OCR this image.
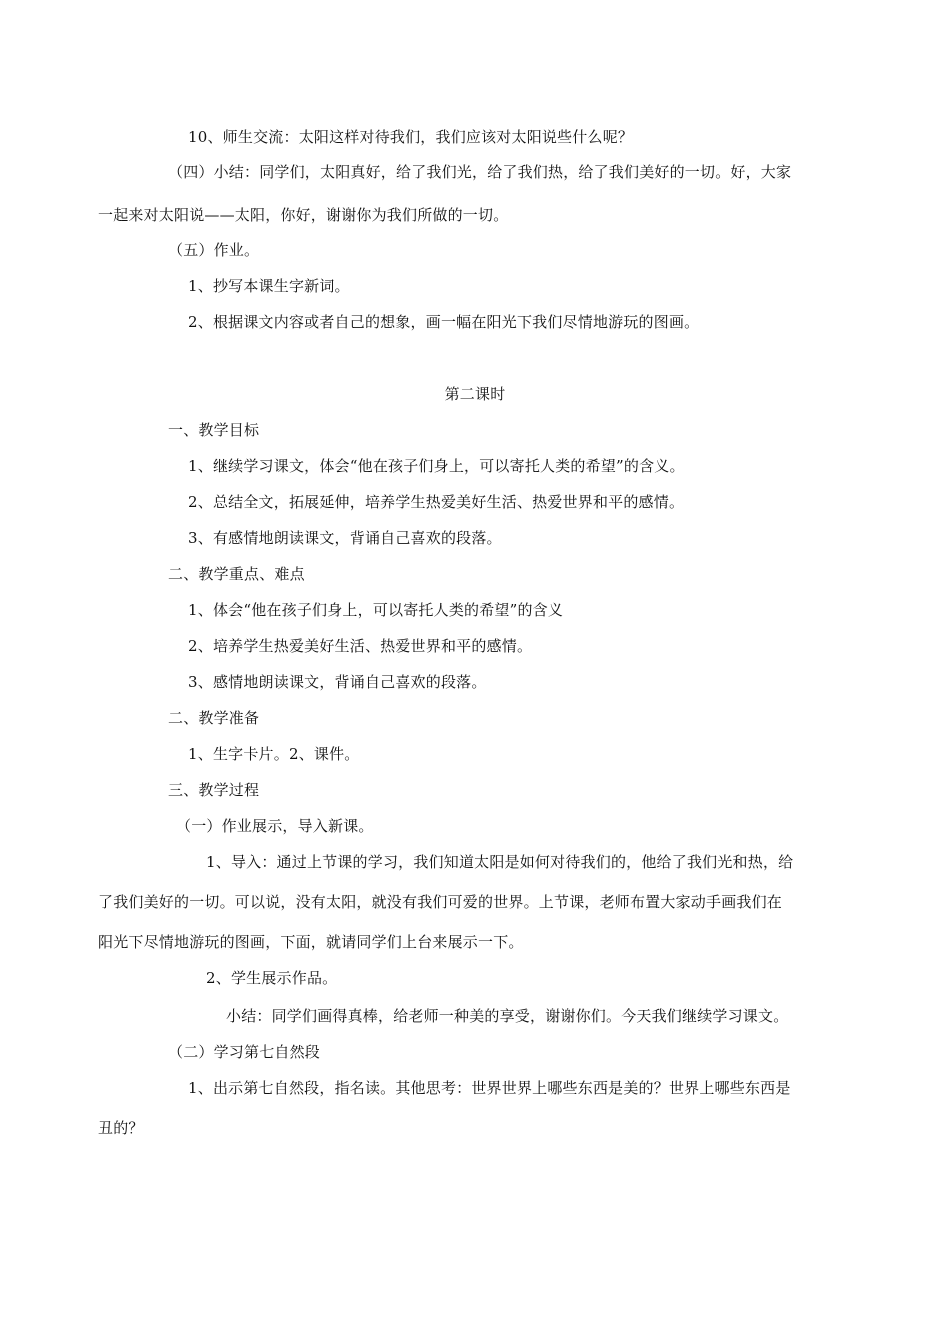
10、师生交流：太阳这样对待我们，我们应该对太阳说些什么呢？
（四）小结：同学们，太阳真好，给了我们光，给了我们热，给了我们美好的一切。好，大家
一起来对太阳说——太阳，你好，谢谢你为我们所做的一切。
（五）作业。
1、抄写本课生字新词。
2、根据课文内容或者自己的想象，画一幅在阳光下我们尽情地游玩的图画。
第二课时
一、教学目标
1、继续学习课文，体会“他在孩子们身上，可以寄托人类的希望”的含义。
2、总结全文，拓展延伸，培养学生热爱美好生活、热爱世界和平的感情。
3、有感情地朗读课文，背诵自己喜欢的段落。
二、教学重点、难点
1、体会“他在孩子们身上，可以寄托人类的希望”的含义
2、培养学生热爱美好生活、热爱世界和平的感情。
3、感情地朗读课文，背诵自己喜欢的段落。
二、教学准备
1、生字卡片。2、课件。
三、教学过程
（一）作业展示，导入新课。
1、导入：通过上节课的学习，我们知道太阳是如何对待我们的，他给了我们光和热，给
了我们美好的一切。可以说，没有太阳，就没有我们可爱的世界。上节课，老师布置大家动手画我们在
阳光下尽情地游玩的图画，下面，就请同学们上台来展示一下。
2、学生展示作品。
小结：同学们画得真棒，给老师一种美的享受，谢谢你们。今天我们继续学习课文。
（二）学习第七自然段
1、出示第七自然段，指名读。其他思考：世界世界上哪些东西是美的？世界上哪些东西是
丑的？
